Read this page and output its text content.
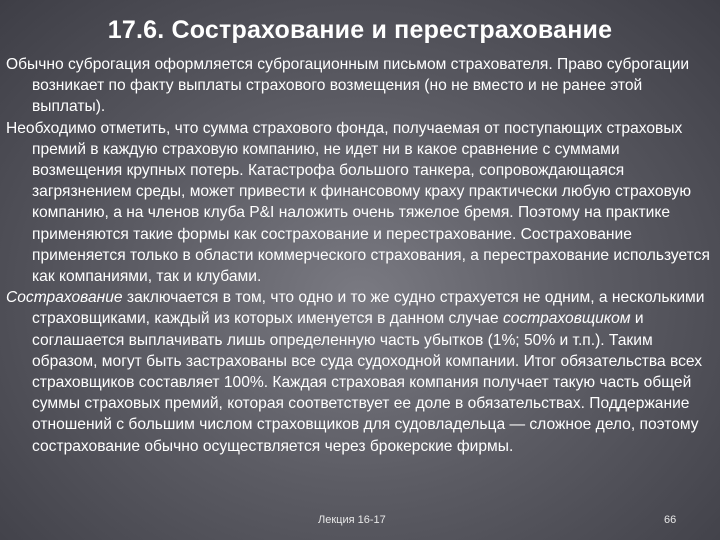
17.6. Сострахование и перестрахование

Обычно суброгация оформляется суброгационным письмом страхователя. Право суброгации возникает по факту выплаты страхового возмещения (но не вместо и не ранее этой выплаты).

Необходимо отметить, что сумма страхового фонда, получаемая от поступающих страховых премий в каждую страховую компанию, не идет ни в какое сравнение с суммами возмещения крупных потерь. Катастрофа большого танкера, сопровождающаяся загрязнением среды, может привести к финансовому краху практически любую страховую компанию, а на членов клуба P&I наложить очень тяжелое бремя. Поэтому на практике применяются такие формы как сострахование и перестрахование. Сострахование применяется только в области коммерческого страхования, а перестрахование используется как компаниями, так и клубами.

Сострахование заключается в том, что одно и то же судно страхуется не одним, а несколькими страховщиками, каждый из которых именуется в данном случае состраховщиком и соглашается выплачивать лишь определенную часть убытков (1%; 50% и т.п.). Таким образом, могут быть застрахованы все суда судоходной компании. Итог обязательства всех страховщиков составляет 100%. Каждая страховая компания получает такую часть общей суммы страховых премий, которая соответствует ее доле в обязательствах. Поддержание отношений с большим числом страховщиков для судовладельца — сложное дело, поэтому сострахование обычно осуществляется через брокерские фирмы.

Лекция 16-17	66
